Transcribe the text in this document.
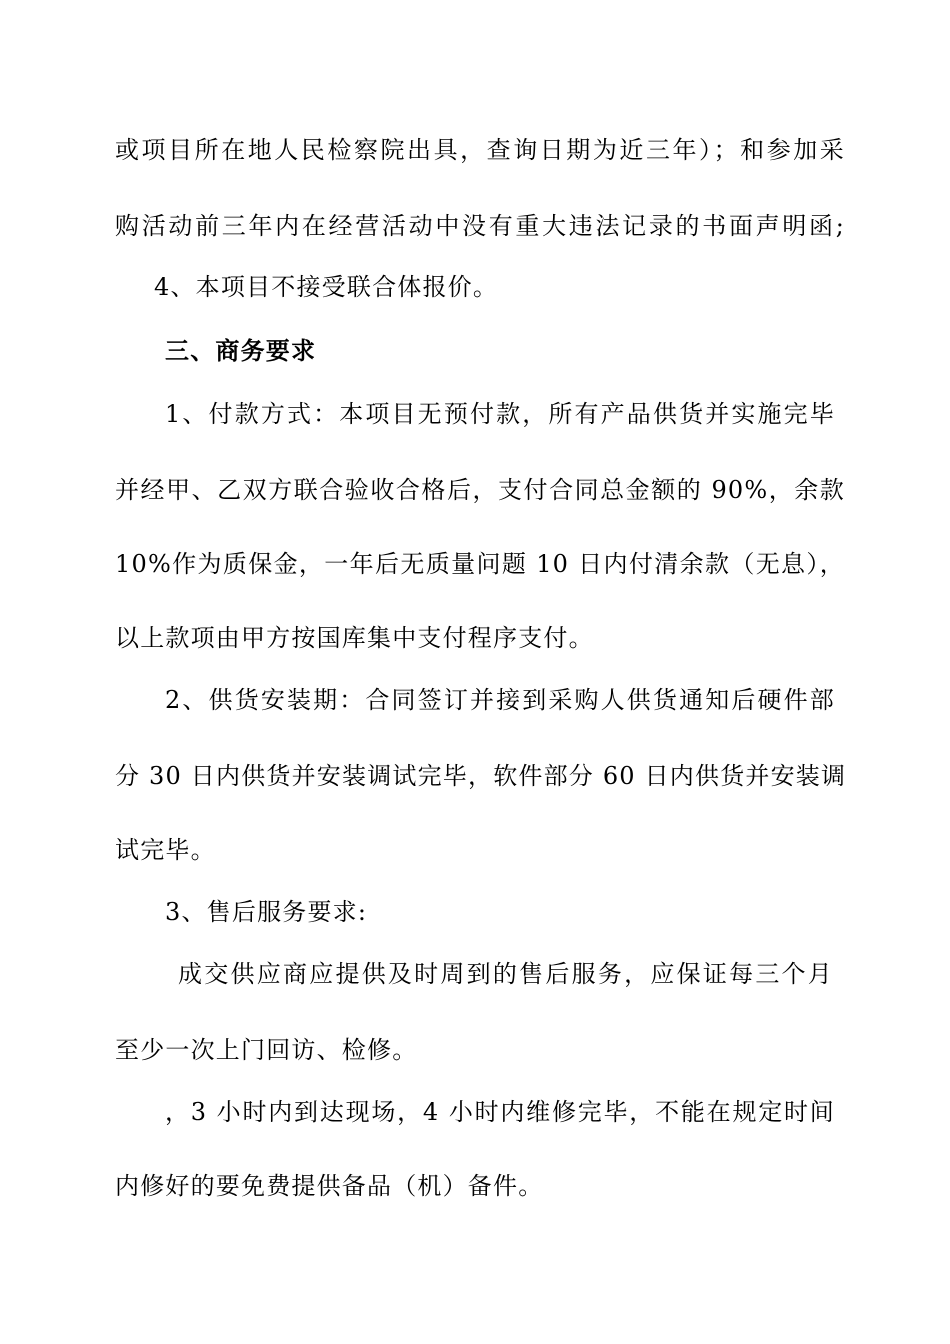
或项目所在地人民检察院出具，查询日期为近三年）；和参加采
购活动前三年内在经营活动中没有重大违法记录的书面声明函;
4、本项目不接受联合体报价。
三、商务要求
1、付款方式：本项目无预付款，所有产品供货并实施完毕
并经甲、乙双方联合验收合格后，支付合同总金额的 90%，余款
10%作为质保金，一年后无质量问题 10 日内付清余款（无息），
以上款项由甲方按国库集中支付程序支付。
2、供货安装期：合同签订并接到采购人供货通知后硬件部
分 30 日内供货并安装调试完毕，软件部分 60 日内供货并安装调
试完毕。
3、售后服务要求:
成交供应商应提供及时周到的售后服务，应保证每三个月
至少一次上门回访、检修。
，3 小时内到达现场，4 小时内维修完毕，不能在规定时间
内修好的要免费提供备品（机）备件。
